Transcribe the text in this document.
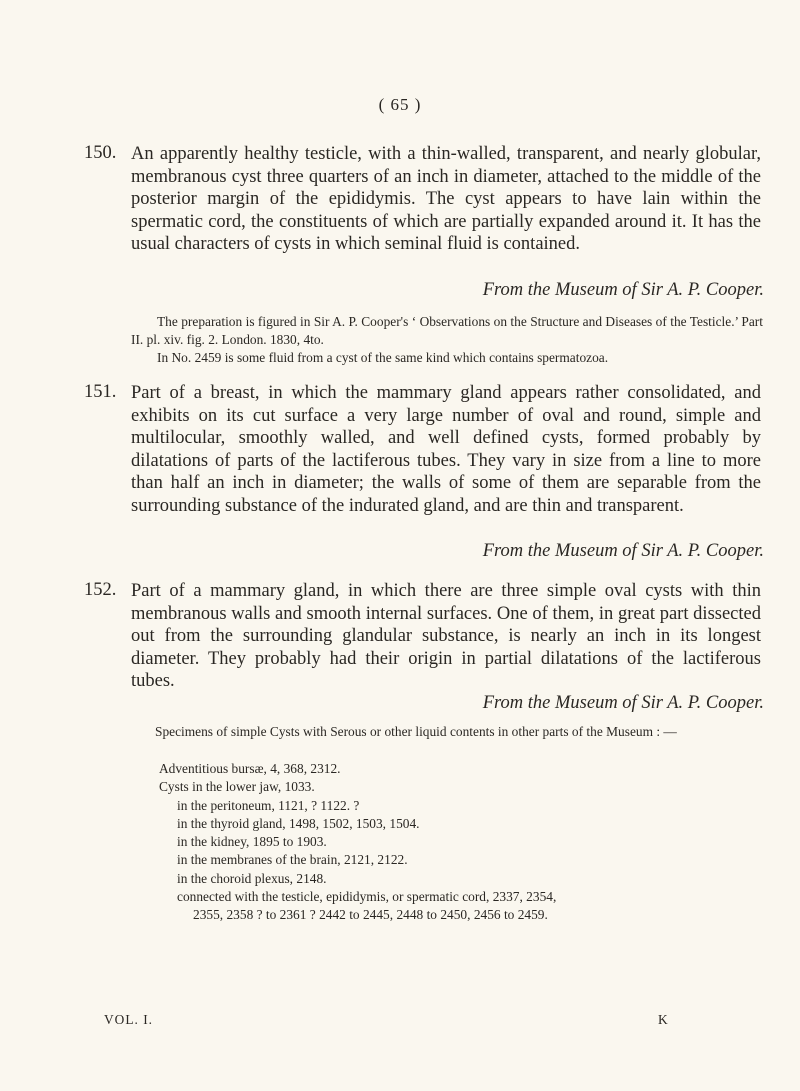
( 65 )
150. An apparently healthy testicle, with a thin-walled, transparent, and nearly globular, membranous cyst three quarters of an inch in diameter, attached to the middle of the posterior margin of the epididymis. The cyst appears to have lain within the spermatic cord, the constituents of which are partially expanded around it. It has the usual characters of cysts in which seminal fluid is contained.

From the Museum of Sir A. P. Cooper.

The preparation is figured in Sir A. P. Cooper's ‘ Observations on the Structure and Diseases of the Testicle.’ Part II. pl. xiv. fig. 2. London. 1830, 4to.

In No. 2459 is some fluid from a cyst of the same kind which contains spermatozoa.

151. Part of a breast, in which the mammary gland appears rather consolidated, and exhibits on its cut surface a very large number of oval and round, simple and multilocular, smoothly walled, and well defined cysts, formed probably by dilatations of parts of the lactiferous tubes. They vary in size from a line to more than half an inch in diameter; the walls of some of them are separable from the surrounding substance of the indurated gland, and are thin and transparent.

From the Museum of Sir A. P. Cooper.
152. Part of a mammary gland, in which there are three simple oval cysts with thin membranous walls and smooth internal surfaces. One of them, in great part dissected out from the surrounding glandular substance, is nearly an inch in its longest diameter. They probably had their origin in partial dilatations of the lactiferous tubes.

From the Museum of Sir A. P. Cooper.

Specimens of simple Cysts with Serous or other liquid contents in other parts of the Museum : —

Adventitious bursæ, 4, 368, 2312.
Cysts in the lower jaw, 1033.
in the peritoneum, 1121, ? 1122. ?
in the thyroid gland, 1498, 1502, 1503, 1504.
in the kidney, 1895 to 1903.
in the membranes of the brain, 2121, 2122.
in the choroid plexus, 2148.
connected with the testicle, epididymis, or spermatic cord, 2337, 2354,
2355, 2358 ? to 2361 ? 2442 to 2445, 2448 to 2450, 2456 to 2459.
VOL. I.	K
